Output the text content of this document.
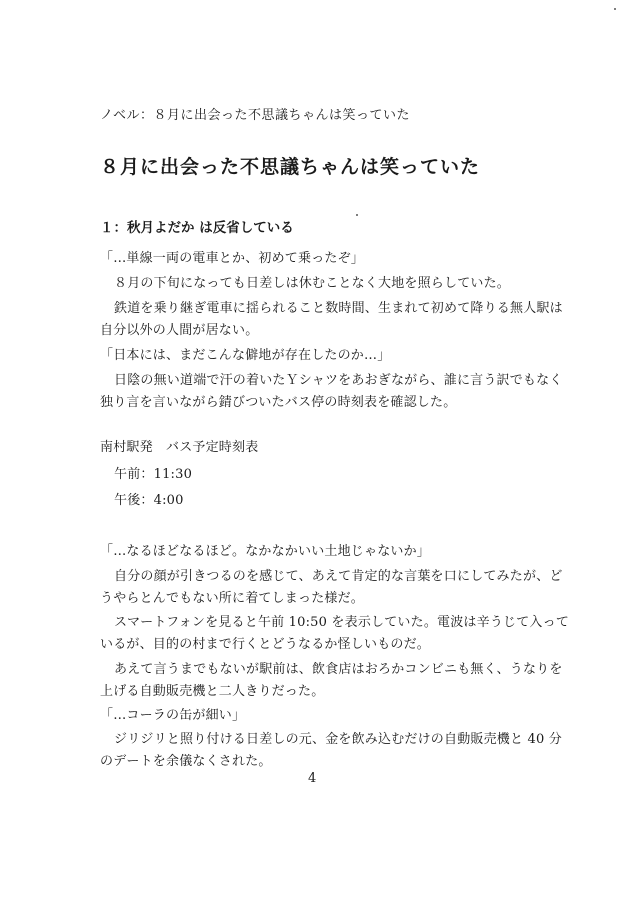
ノベル：８月に出会った不思議ちゃんは笑っていた
８月に出会った不思議ちゃんは笑っていた
１：秋月よだか は反省している
「…単線一両の電車とか、初めて乗ったぞ」
８月の下旬になっても日差しは休むことなく大地を照らしていた。
鉄道を乗り継ぎ電車に揺られること数時間、生まれて初めて降りる無人駅は
自分以外の人間が居ない。
「日本には、まだこんな僻地が存在したのか…」
日陰の無い道端で汗の着いたＹシャツをあおぎながら、誰に言う訳でもなく
独り言を言いながら錆びついたバス停の時刻表を確認した。
南村駅発　バス予定時刻表
午前：11:30
午後：4:00
「…なるほどなるほど。なかなかいい土地じゃないか」
自分の顔が引きつるのを感じて、あえて肯定的な言葉を口にしてみたが、ど
うやらとんでもない所に着てしまった様だ。
スマートフォンを見ると午前 10:50 を表示していた。電波は辛うじて入って
いるが、目的の村まで行くとどうなるか怪しいものだ。
あえて言うまでもないが駅前は、飲食店はおろかコンビニも無く、うなりを
上げる自動販売機と二人きりだった。
「…コーラの缶が細い」
ジリジリと照り付ける日差しの元、金を飲み込むだけの自動販売機と 40 分
のデートを余儀なくされた。
4
